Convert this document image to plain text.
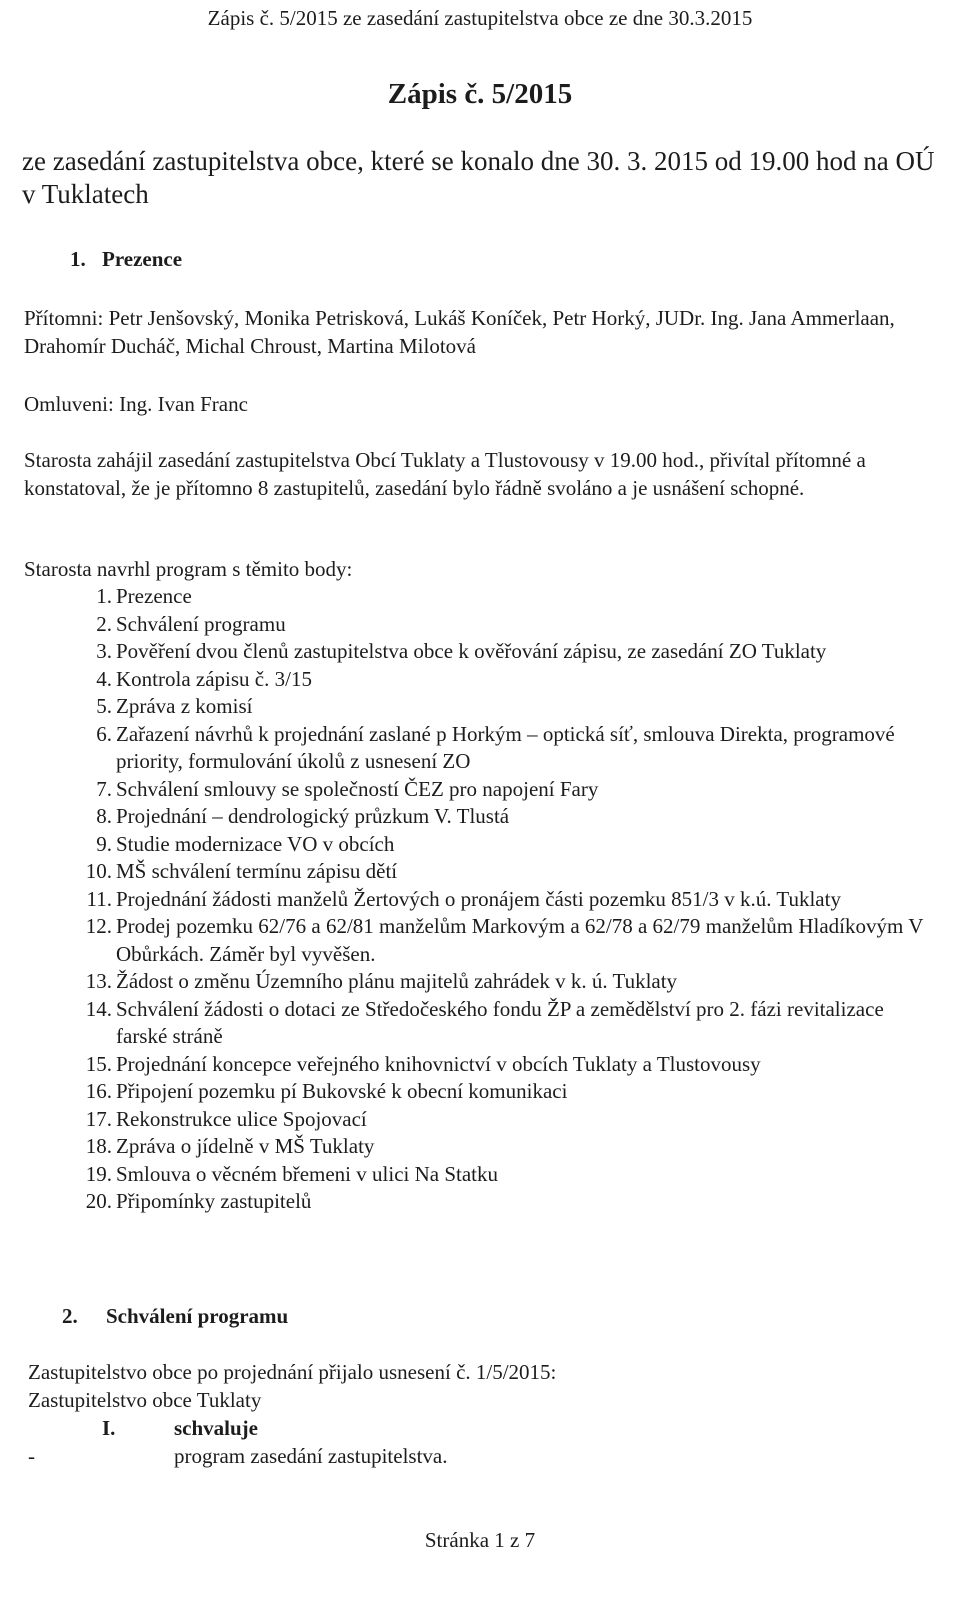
Zápis č. 5/2015 ze zasedání zastupitelstva obce ze dne 30.3.2015
Zápis č. 5/2015
ze zasedání zastupitelstva obce, které se konalo dne 30. 3. 2015 od 19.00 hod na OÚ v Tuklatech
1. Prezence
Přítomni: Petr Jenšovský, Monika Petrisková, Lukáš Koníček, Petr Horký, JUDr. Ing. Jana Ammerlaan, Drahomír Ducháč, Michal Chroust, Martina Milotová
Omluveni: Ing. Ivan Franc
Starosta zahájil zasedání zastupitelstva Obcí Tuklaty a Tlustovousy v 19.00 hod., přivítal přítomné a konstatoval, že je přítomno 8 zastupitelů, zasedání bylo řádně svoláno a je usnášení schopné.
Starosta navrhl program s těmito body:
1. Prezence
2. Schválení programu
3. Pověření dvou členů zastupitelstva obce k ověřování zápisu, ze zasedání ZO Tuklaty
4. Kontrola zápisu č. 3/15
5. Zpráva z komisí
6. Zařazení návrhů k projednání zaslané p Horkým – optická síť, smlouva Direkta, programové priority, formulování úkolů z usnesení ZO
7. Schválení smlouvy se společností ČEZ pro napojení Fary
8. Projednání – dendrologický průzkum V. Tlustá
9. Studie modernizace VO v obcích
10. MŠ schválení termínu zápisu dětí
11. Projednání žádosti manželů Žertových o pronájem části pozemku 851/3 v k.ú. Tuklaty
12. Prodej pozemku 62/76 a 62/81 manželům Markovým a 62/78 a 62/79 manželům Hladíkovým V Obůrkách. Záměr byl vyvěšen.
13. Žádost o změnu Územního plánu majitelů zahrádek v k. ú. Tuklaty
14. Schválení žádosti o dotaci ze Středočeského fondu ŽP a zemědělství pro 2. fázi revitalizace farské stráně
15. Projednání koncepce veřejného knihovnictví v obcích Tuklaty a Tlustovousy
16. Připojení pozemku pí Bukovské k obecní komunikaci
17. Rekonstrukce ulice Spojovací
18. Zpráva o jídelně v MŠ Tuklaty
19. Smlouva o věcném břemeni v ulici Na Statku
20. Připomínky zastupitelů
2. Schválení programu
Zastupitelstvo obce po projednání přijalo usnesení č. 1/5/2015:
Zastupitelstvo obce Tuklaty
I.	schvaluje
-	program zasedání zastupitelstva.
Stránka 1 z 7
